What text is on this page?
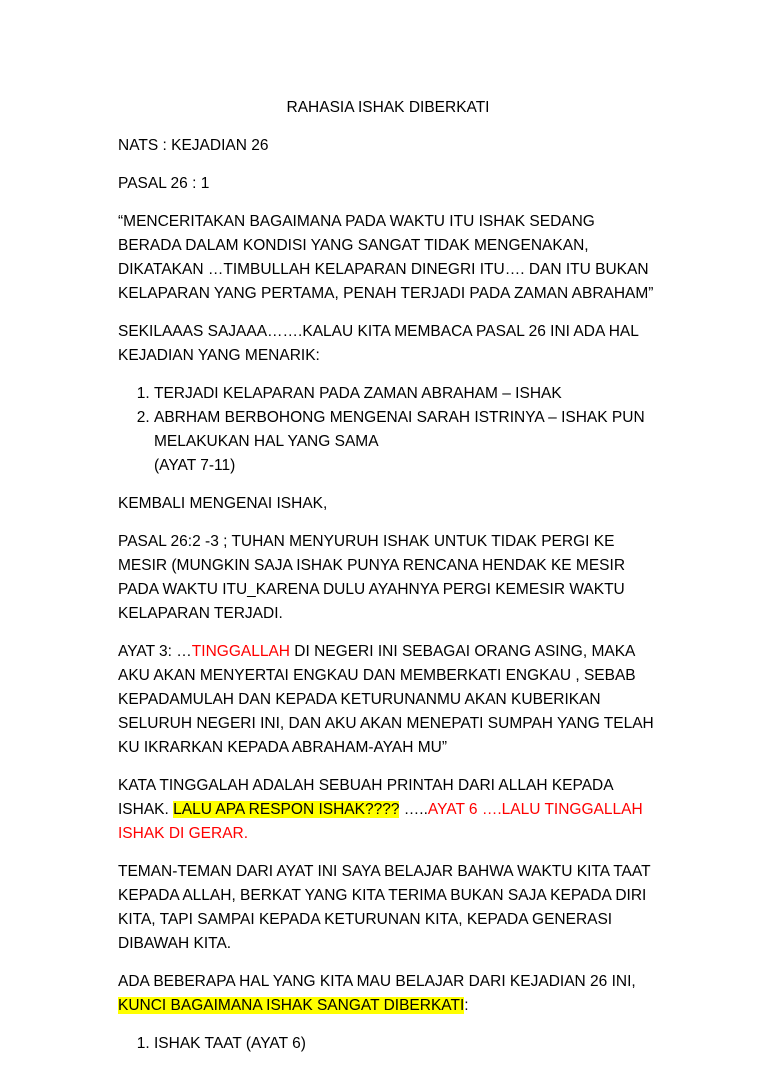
RAHASIA ISHAK DIBERKATI

NATS : KEJADIAN 26

PASAL 26 : 1

“MENCERITAKAN BAGAIMANA PADA WAKTU ITU ISHAK SEDANG BERADA DALAM KONDISI YANG SANGAT TIDAK MENGENAKAN, DIKATAKAN …TIMBULLAH KELAPARAN DINEGRI ITU…. DAN ITU BUKAN KELAPARAN YANG PERTAMA, PENAH TERJADI PADA ZAMAN ABRAHAM”

SEKILAAAS SAJAAA…….KALAU KITA MEMBACA PASAL 26 INI ADA HAL KEJADIAN YANG MENARIK:

1. TERJADI KELAPARAN PADA ZAMAN ABRAHAM – ISHAK
2. ABRHAM BERBOHONG MENGENAI SARAH ISTRINYA – ISHAK PUN MELAKUKAN HAL YANG SAMA
(AYAT 7-11)

KEMBALI MENGENAI ISHAK,

PASAL 26:2 -3 ; TUHAN MENYURUH ISHAK UNTUK TIDAK PERGI KE MESIR (MUNGKIN SAJA ISHAK PUNYA RENCANA HENDAK KE MESIR PADA WAKTU ITU_KARENA DULU AYAHNYA PERGI KEMESIR WAKTU KELAPARAN TERJADI.

AYAT 3: …TINGGALLAH DI NEGERI INI SEBAGAI ORANG ASING, MAKA AKU AKAN MENYERTAI ENGKAU DAN MEMBERKATI ENGKAU , SEBAB KEPADAMULAH DAN KEPADA KETURUNANMU AKAN KUBERIKAN SELURUH NEGERI INI, DAN AKU AKAN MENEPATI SUMPAH YANG TELAH KU IKRARKAN KEPADA ABRAHAM-AYAH MU”

KATA TINGGALAH ADALAH SEBUAH PRINTAH DARI ALLAH KEPADA ISHAK. LALU APA RESPON ISHAK???? …..AYAT 6 ….LALU TINGGALLAH ISHAK DI GERAR.

TEMAN-TEMAN DARI AYAT INI SAYA BELAJAR BAHWA WAKTU KITA TAAT KEPADA ALLAH, BERKAT YANG KITA TERIMA BUKAN SAJA KEPADA DIRI KITA, TAPI SAMPAI KEPADA KETURUNAN KITA, KEPADA GENERASI DIBAWAH KITA.

ADA BEBERAPA HAL YANG KITA MAU BELAJAR DARI KEJADIAN 26 INI, KUNCI BAGAIMANA ISHAK SANGAT DIBERKATI:

1. ISHAK TAAT (AYAT 6)
